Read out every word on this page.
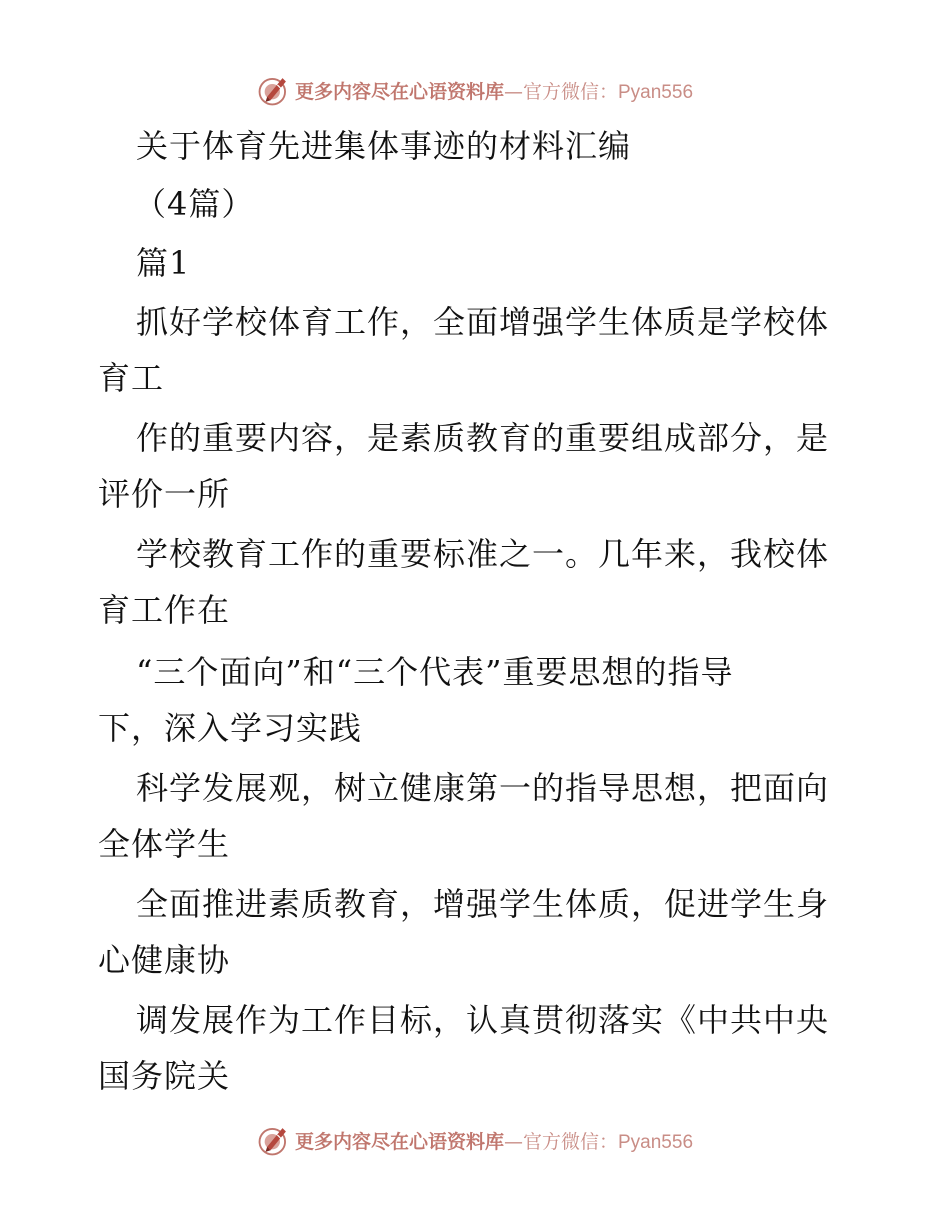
更多内容尽在心语资料库—官方微信：Pyan556
关于体育先进集体事迹的材料汇编
（4篇）
篇1
抓好学校体育工作，全面增强学生体质是学校体
育工
作的重要内容，是素质教育的重要组成部分，是
评价一所
学校教育工作的重要标准之一。几年来，我校体
育工作在
“三个面向”和“三个代表”重要思想的指导
下，深入学习实践
科学发展观，树立健康第一的指导思想，把面向
全体学生
全面推进素质教育，增强学生体质，促进学生身
心健康协
调发展作为工作目标，认真贯彻落实《中共中央
国务院关
更多内容尽在心语资料库—官方微信：Pyan556
